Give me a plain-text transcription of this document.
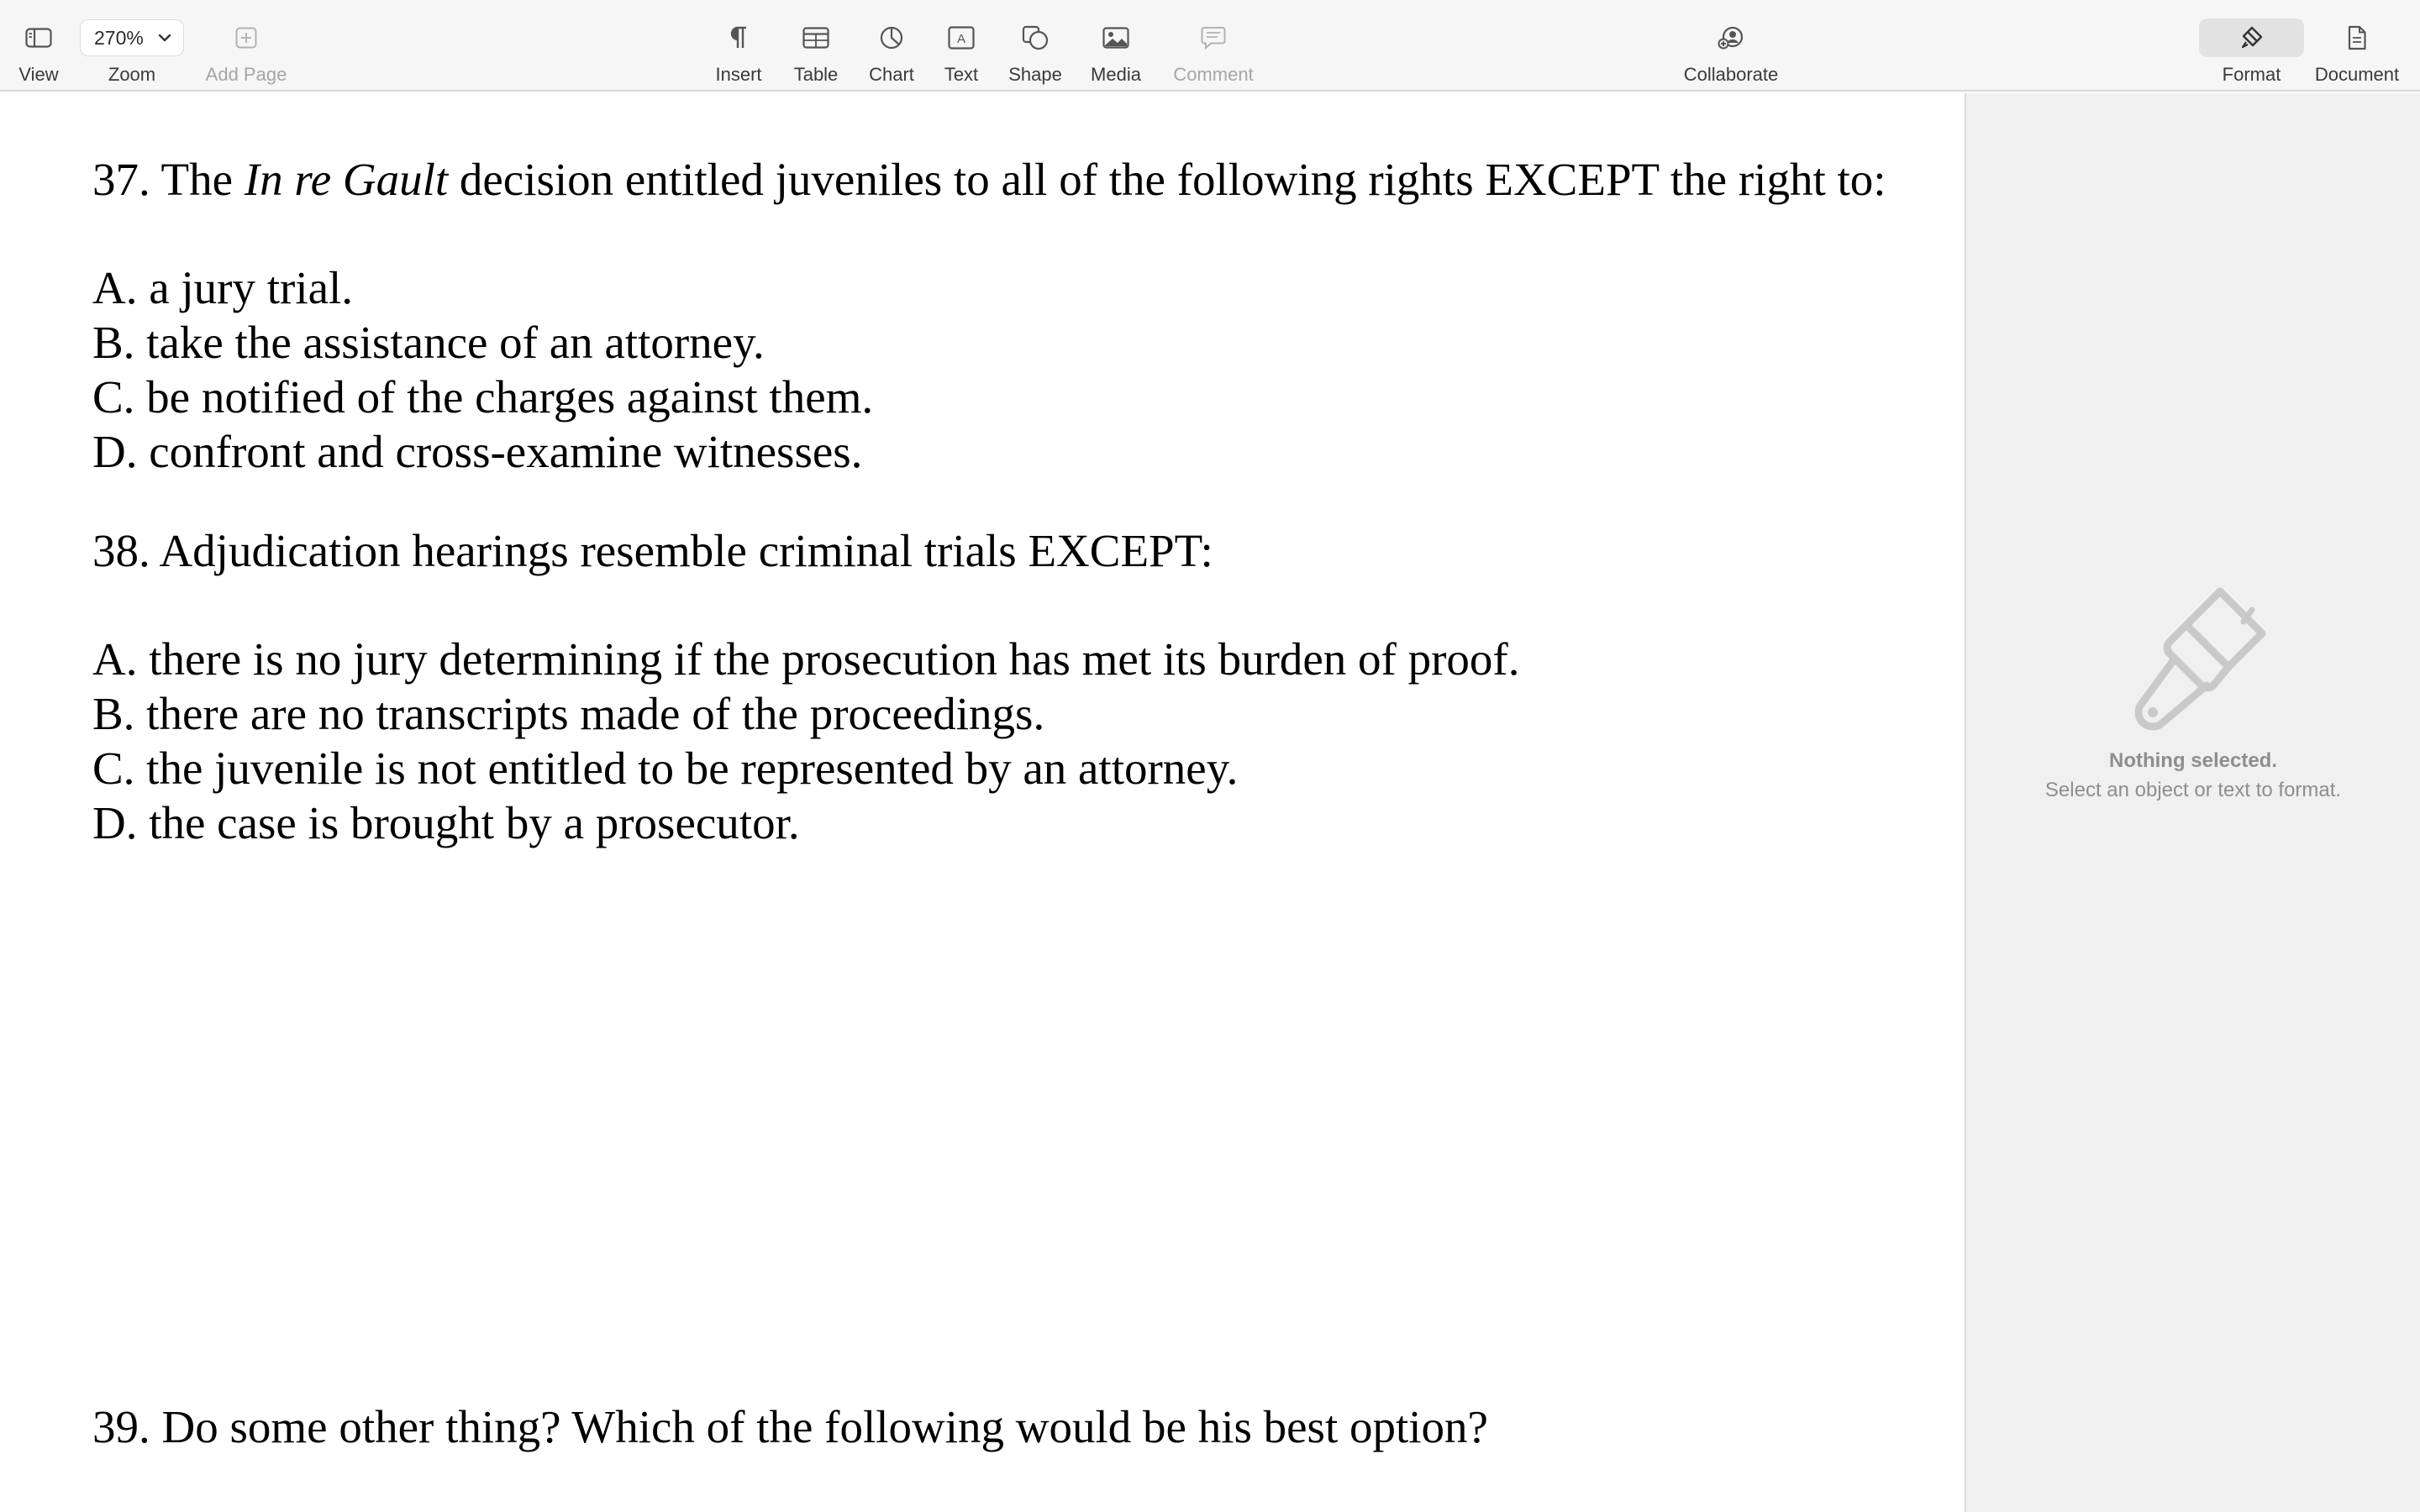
View
270%
Zoom	Add Page	Insert Table Chart
A
Text Shape Media Comment	Collaborate	Format Document
37. The In re Gault decision entitled juveniles to all of the following rights EXCEPT the right to:
A. a jury trial.
B. take the assistance of an attorney.
C. be notified of the charges against them.
D. confront and cross-examine witnesses.
38. Adjudication hearings resemble criminal trials EXCEPT:
A. there is no jury determining if the prosecution has met its burden of proof.
B. there are no transcripts made of the proceedings.
C. the juvenile is not entitled to be represented by an attorney.
D. the case is brought by a prosecutor.
39. Do some other thing? Which of the following would be his best option?
Nothing selected.
Select an object or text to format.
